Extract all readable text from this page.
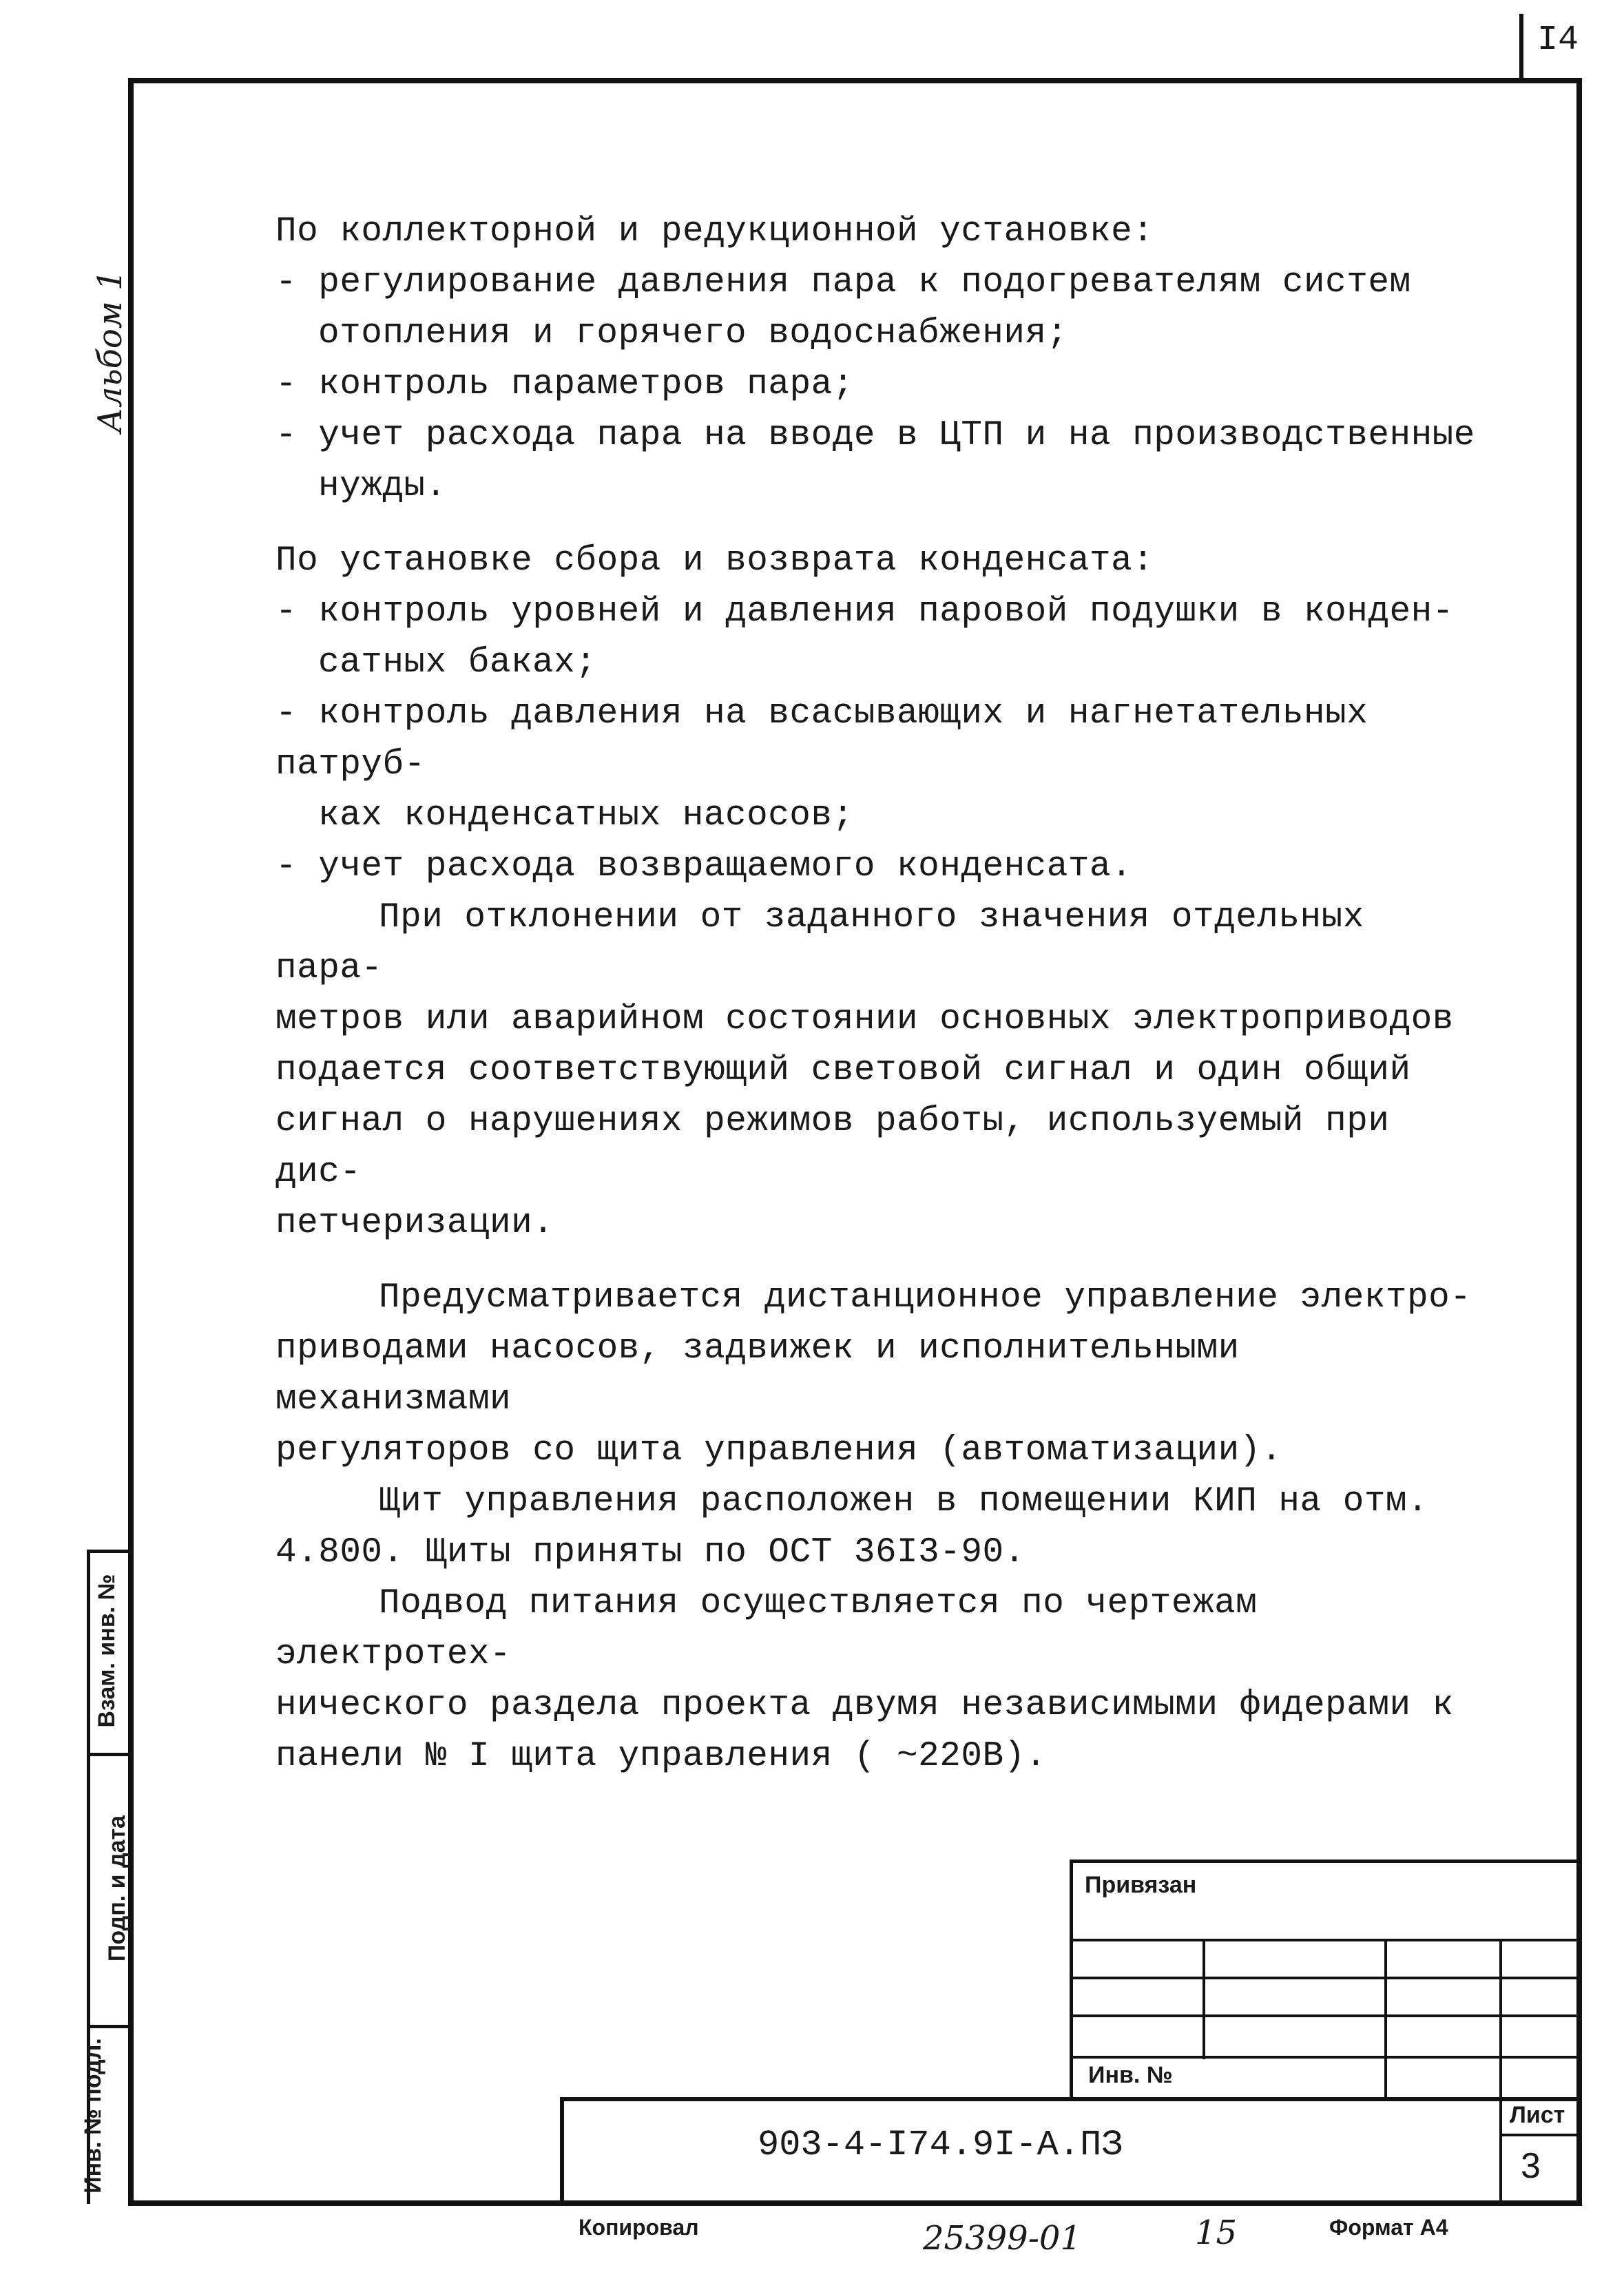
I4
Альбом 1
Взам. инв. №
Подп. и дата
Инв. № подл.

По коллекторной и редукционной установке:

- регулирование давления пара к подогревателям систем

отопления и горячего водоснабжения;

- контроль параметров пара;

- учет расхода пара на вводе в ЦТП и на производственные

нужды.

По установке сбора и возврата конденсата:

- контроль уровней и давления паровой подушки в конден-

сатных баках;

- контроль давления на всасывающих и нагнетательных патруб-

ках конденсатных насосов;

- учет расхода возвращаемого конденсата.

При отклонении от заданного значения отдельных пара-

метров или аварийном состоянии основных электроприводов

подается соответствующий световой сигнал и один общий

сигнал о нарушениях режимов работы, используемый при дис-

петчеризации.

Предусматривается дистанционное управление электро-

приводами насосов, задвижек и исполнительными механизмами

регуляторов со щита управления (автоматизации).

Щит управления расположен в помещении КИП на отм.

4.800. Щиты приняты по ОСТ 36I3-90.

Подвод питания осуществляется по чертежам электротех-

нического раздела проекта двумя независимыми фидерами к

панели № I щита управления ( ~220В).

Привязан
Инв. №
903-4-I74.9I-A.ПЗ
Лист
3
Копировал	25399-01	15	Формат А4
